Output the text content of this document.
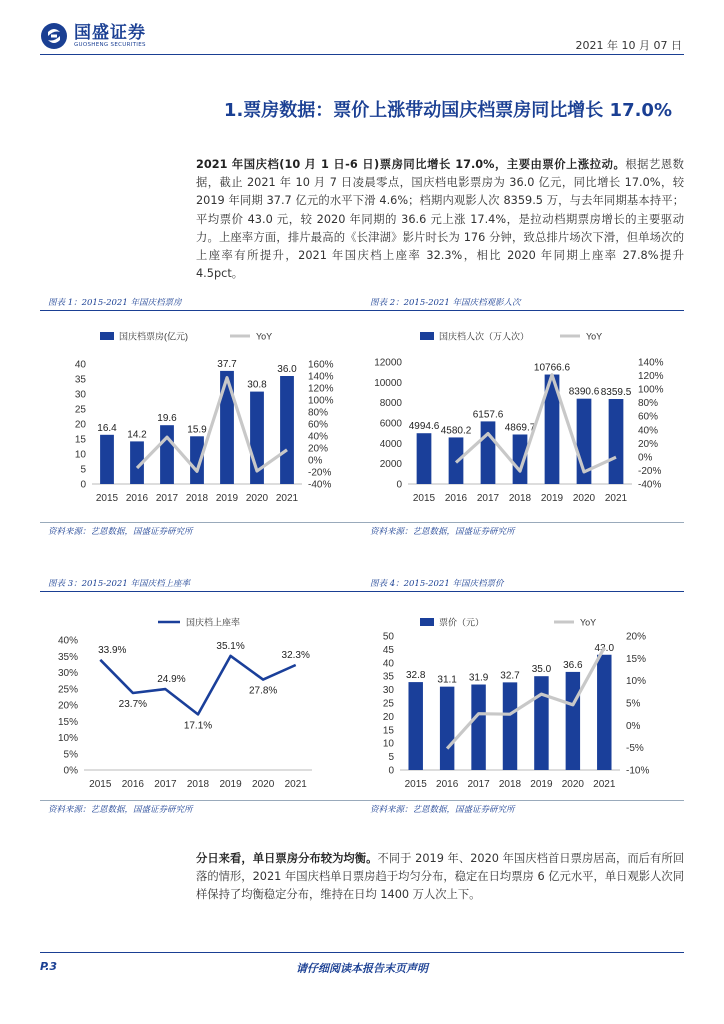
国盛证券
GUOSHENG SECURITIES	2021 年 10 月 07 日
1.票房数据：票价上涨带动国庆档票房同比增长 17.0%
2021 年国庆档(10 月 1 日-6 日)票房同比增长 17.0%，主要由票价上涨拉动。根据艺恩数据，截止 2021 年 10 月 7 日凌晨零点，国庆档电影票房为 36.0 亿元，同比增长 17.0%，较 2019 年同期 37.7 亿元的水平下滑 4.6%；档期内观影人次 8359.5 万，与去年同期基本持平；平均票价 43.0 元，较 2020 年同期的 36.6 元上涨 17.4%，是拉动档期票房增长的主要驱动力。上座率方面，排片最高的《长津湖》影片时长为 176 分钟，致总排片场次下滑，但单场次的上座率有所提升，2021 年国庆档上座率 32.3%，相比 2020 年同期上座率 27.8%提升 4.5pct。
图表 1：2015-2021 年国庆档票房	图表 2：2015-2021 年国庆档观影人次
0
5
10
15
20
25
30
35
40
2015 2016 2017 2018 2019 2020 2021
16.4
14.2
19.6
15.9
37.7
30.8
36.0
-40%
-20%
0%
20%
40%
60%
80%
100%
120%
140%
160%
国庆档票房(亿元)	YoY
0
2000
4000
6000
8000
10000
12000
2015 2016 2017 2018 2019 2020 2021
4994.6 4580.2
6157.6
4869.7
10766.6
8390.6 8359.5
-40%
-20%
0%
20%
40%
60%
80%
100%
120%
140%
国庆档人次（万人次）	YoY
资料来源：艺恩数据，国盛证券研究所	资料来源：艺恩数据，国盛证券研究所
图表 3：2015-2021 年国庆档上座率	图表 4：2015-2021 年国庆档票价
0%
5%
10%
15%
20%
25%
30%
35%
40%
2015 2016 2017 2018 2019 2020 2021
33.9%
23.7%
24.9%
17.1%
35.1%
27.8%
32.3%
国庆档上座率
0
5
10
15
20
25
30
35
40
45
50
2015 2016 2017 2018 2019 2020 2021
32.8 31.1 31.9 32.7
35.0 36.6
43.0
-10%
-5%
0%
5%
10%
15%
20%
票价（元）	YoY
资料来源：艺恩数据，国盛证券研究所	资料来源：艺恩数据，国盛证券研究所
分日来看，单日票房分布较为均衡。不同于 2019 年、2020 年国庆档首日票房居高，而后有所回落的情形，2021 年国庆档单日票房趋于均匀分布，稳定在日均票房 6 亿元水平，单日观影人次同样保持了均衡稳定分布，维持在日均 1400 万人次上下。
请仔细阅读本报告末页声明
P.3
